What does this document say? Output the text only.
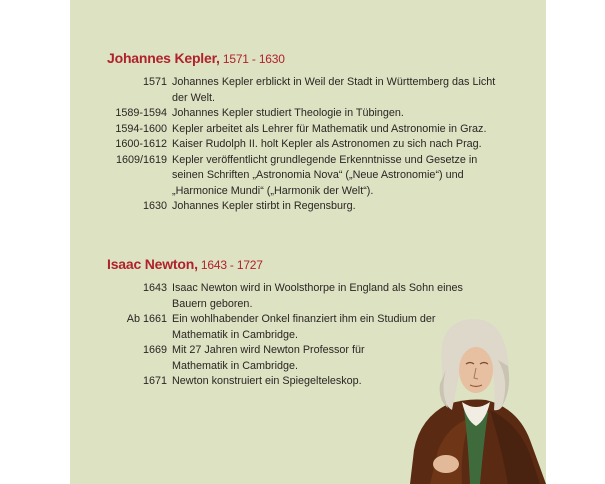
Johannes Kepler, 1571 - 1630
1571 Johannes Kepler erblickt in Weil der Stadt in Württemberg das Licht der Welt.
1589-1594 Johannes Kepler studiert Theologie in Tübingen.
1594-1600 Kepler arbeitet als Lehrer für Mathematik und Astronomie in Graz.
1600-1612 Kaiser Rudolph II. holt Kepler als Astronomen zu sich nach Prag.
1609/1619 Kepler veröffentlicht grundlegende Erkenntnisse und Gesetze in seinen Schriften „Astronomia Nova“ („Neue Astronomie“) und „Harmonice Mundi“ („Harmonik der Welt“).
1630 Johannes Kepler stirbt in Regensburg.
Isaac Newton, 1643 - 1727
1643 Isaac Newton wird in Woolsthorpe in England als Sohn eines Bauern geboren.
Ab 1661 Ein wohlhabender Onkel finanziert ihm ein Studium der Mathematik in Cambridge.
1669 Mit 27 Jahren wird Newton Professor für Mathematik in Cambridge.
1671 Newton konstruiert ein Spiegelteleskop.
